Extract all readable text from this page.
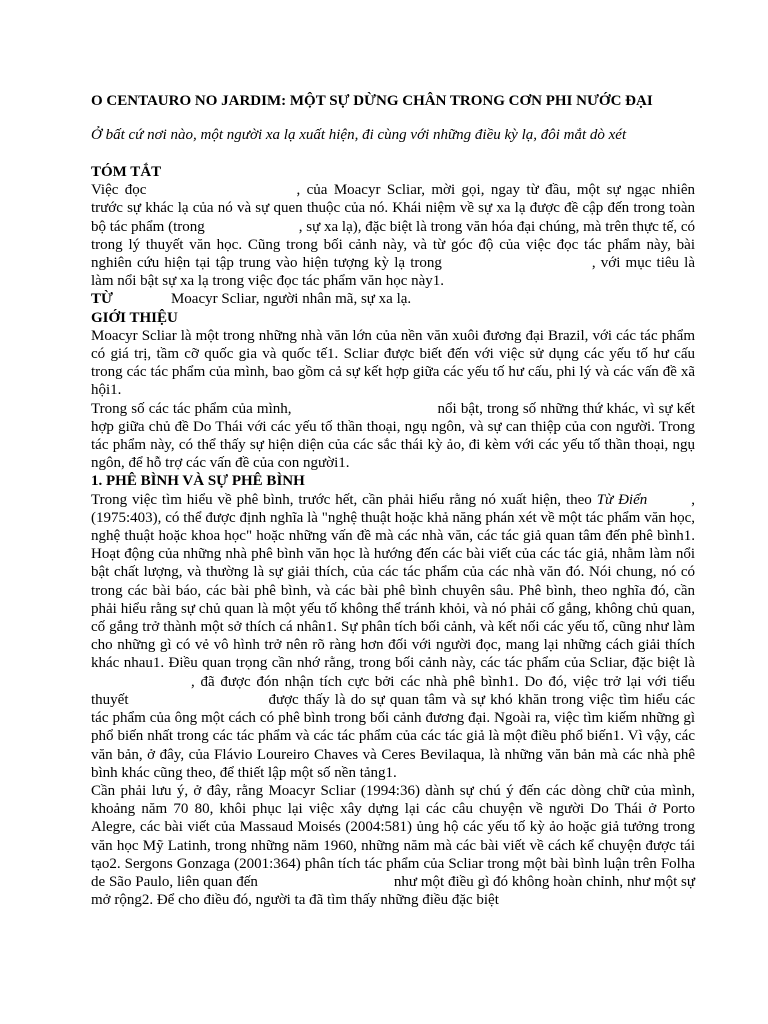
O CENTAURO NO JARDIM: MỘT SỰ DỪNG CHÂN TRONG CƠN PHI NƯỚC ĐẠI

Ở bất cứ nơi nào, một người xa lạ xuất hiện, đi cùng với những điều kỳ lạ, đôi mắt dò xét

TÓM TẮT

Việc đọc	, của Moacyr Scliar, mời gọi, ngay từ đầu, một sự ngạc nhiên trước sự khác lạ của nó và sự quen thuộc của nó. Khái niệm về sự xa lạ được đề cập đến trong toàn bộ tác phẩm (trong	, sự xa lạ), đặc biệt là trong văn hóa đại chúng, mà trên thực tế, có trong lý thuyết văn học. Cũng trong bối cảnh này, và từ góc độ của việc đọc tác phẩm này, bài nghiên cứu hiện tại tập trung vào hiện tượng kỳ lạ trong	, với mục tiêu là làm nổi bật sự xa lạ trong việc đọc tác phẩm văn học này1.

TỪ	Moacyr Scliar, người nhân mã, sự xa lạ.

GIỚI THIỆU

Moacyr Scliar là một trong những nhà văn lớn của nền văn xuôi đương đại Brazil, với các tác phẩm có giá trị, tầm cỡ quốc gia và quốc tế1. Scliar được biết đến với việc sử dụng các yếu tố hư cấu trong các tác phẩm của mình, bao gồm cả sự kết hợp giữa các yếu tố hư cấu, phi lý và các vấn đề xã hội1.

Trong số các tác phẩm của mình,	nổi bật, trong số những thứ khác, vì sự kết hợp giữa chủ đề Do Thái với các yếu tố thần thoại, ngụ ngôn, và sự can thiệp của con người. Trong tác phẩm này, có thể thấy sự hiện diện của các sắc thái kỳ ảo, đi kèm với các yếu tố thần thoại, ngụ ngôn, để hỗ trợ các vấn đề của con người1.

1. PHÊ BÌNH VÀ SỰ PHÊ BÌNH

Trong việc tìm hiểu về phê bình, trước hết, cần phải hiểu rằng nó xuất hiện, theo Từ Điển	, (1975:403), có thể được định nghĩa là "nghệ thuật hoặc khả năng phán xét về một tác phẩm văn học, nghệ thuật hoặc khoa học" hoặc những vấn đề mà các nhà văn, các tác giả quan tâm đến phê bình1. Hoạt động của những nhà phê bình văn học là hướng đến các bài viết của các tác giả, nhằm làm nổi bật chất lượng, và thường là sự giải thích, của các tác phẩm của các nhà văn đó. Nói chung, nó có trong các bài báo, các bài phê bình, và các bài phê bình chuyên sâu. Phê bình, theo nghĩa đó, cần phải hiểu rằng sự chủ quan là một yếu tố không thể tránh khỏi, và nó phải cố gắng, không chủ quan, cố gắng trở thành một sở thích cá nhân1. Sự phân tích bối cảnh, và kết nối các yếu tố, cũng như làm cho những gì có vẻ vô hình trở nên rõ ràng hơn đối với người đọc, mang lại những cách giải thích khác nhau1. Điều quan trọng cần nhớ rằng, trong bối cảnh này, các tác phẩm của Scliar, đặc biệt là, đã được đón nhận tích cực bởi các nhà phê bình1. Do đó, việc trở lại với tiểu thuyết	được thấy là do sự quan tâm và sự khó khăn trong việc tìm hiểu các tác phẩm của ông một cách có phê bình trong bối cảnh đương đại. Ngoài ra, việc tìm kiếm những gì phổ biến nhất trong các tác phẩm và các tác phẩm của các tác giả là một điều phổ biến1. Vì vậy, các văn bản, ở đây, của Flávio Loureiro Chaves và Ceres Bevilaqua, là những văn bản mà các nhà phê bình khác cũng theo, để thiết lập một số nền tảng1.

Cần phải lưu ý, ở đây, rằng Moacyr Scliar (1994:36) dành sự chú ý đến các dòng chữ của mình, khoảng năm 70 80, khôi phục lại việc xây dựng lại các câu chuyện về người Do Thái ở Porto Alegre, các bài viết của Massaud Moisés (2004:581) ủng hộ các yếu tố kỳ ảo hoặc giả tưởng trong văn học Mỹ Latinh, trong những năm 1960, những năm mà các bài viết về cách kể chuyện được tái tạo2. Sergons Gonzaga (2001:364) phân tích tác phẩm của Scliar trong một bài bình luận trên Folha de São Paulo, liên quan đến	như một điều gì đó không hoàn chỉnh, như một sự mở rộng2. Để cho điều đó, người ta đã tìm thấy những điều đặc biệt
